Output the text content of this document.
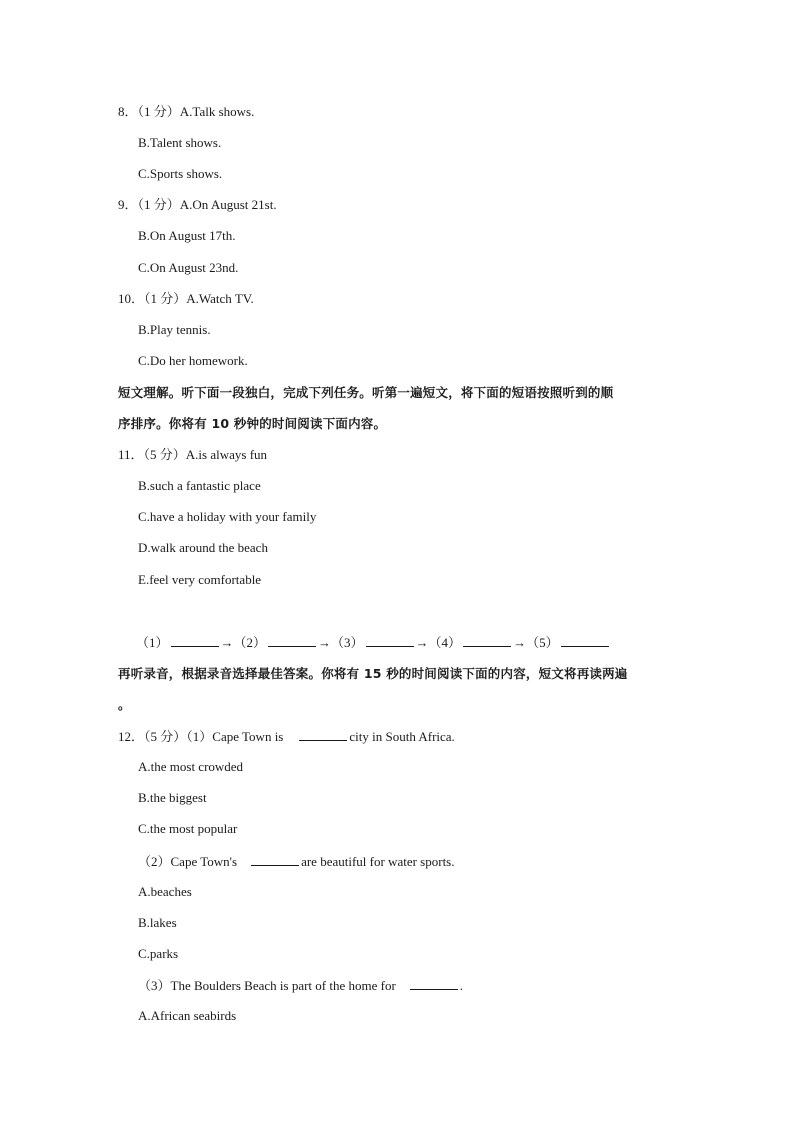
8．（1 分）A.Talk shows.
B.Talent shows.
C.Sports shows.
9．（1 分）A.On August 21st.
B.On August 17th.
C.On August 23nd.
10．（1 分）A.Watch TV.
B.Play tennis.
C.Do her homework.
短文理解。听下面一段独白，完成下列任务。听第一遍短文，将下面的短语按照听到的顺
序排序。你将有 10 秒钟的时间阅读下面内容。
11．（5 分）A.is always fun
B.such a fantastic place
C.have a holiday with your family
D.walk around the beach
E.feel very comfortable
（1）	→（2）	→（3）	→（4）	→（5）
再听录音，根据录音选择最佳答案。你将有 15 秒的时间阅读下面的内容，短文将再读两遍
。
12．（5 分）（1）Cape Town is	city in South Africa.
A.the most crowded
B.the biggest
C.the most popular
（2）Cape Town's	are beautiful for water sports.
A.beaches
B.lakes
C.parks
（3）The Boulders Beach is part of the home for	.
A.African seabirds
